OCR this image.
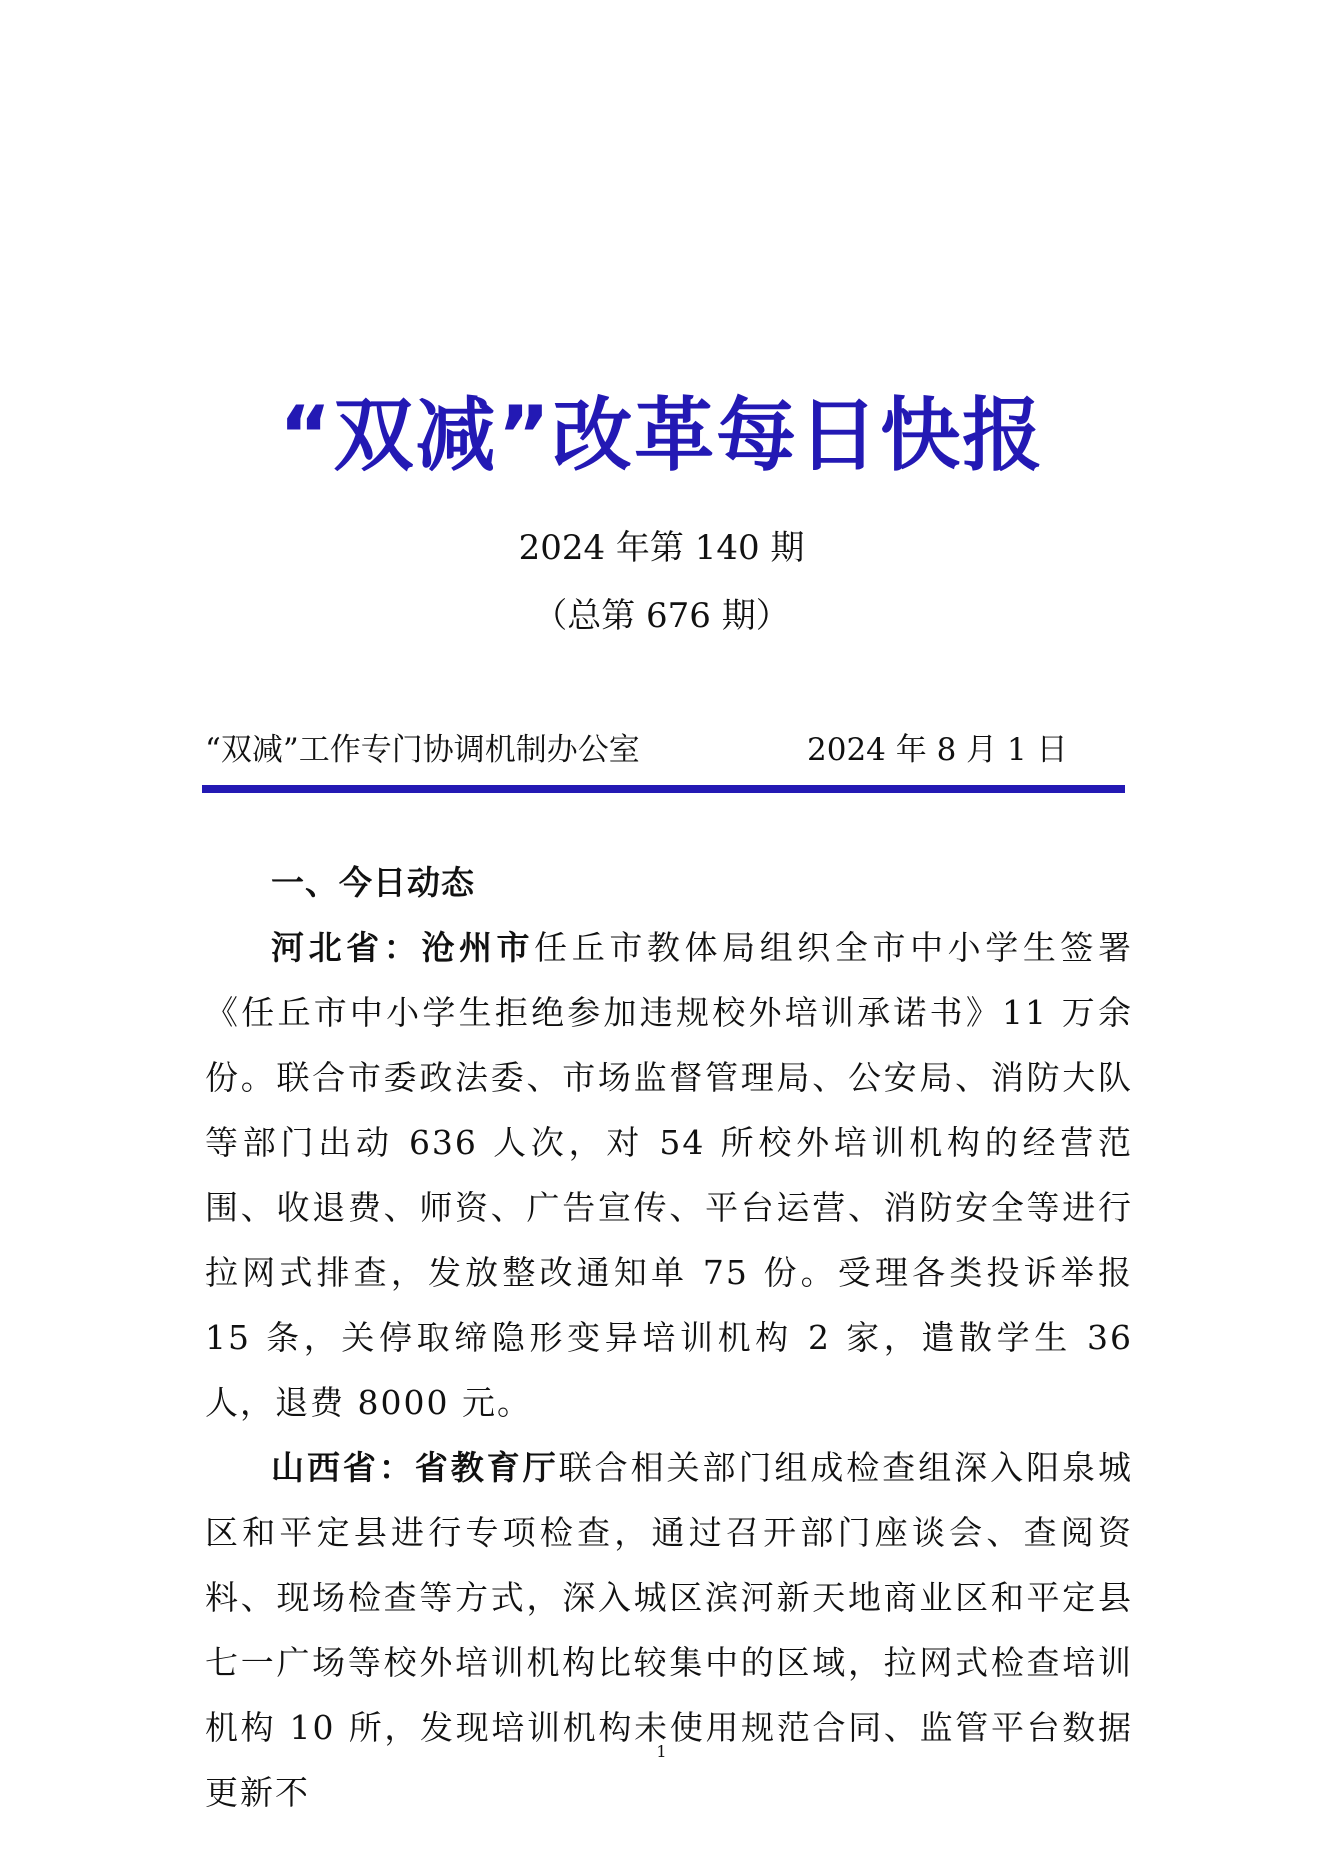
“双减”改革每日快报
2024 年第 140 期
（总第 676 期）
“双减”工作专门协调机制办公室	2024 年 8 月 1 日
一、今日动态

河北省：沧州市任丘市教体局组织全市中小学生签署《任丘市中小学生拒绝参加违规校外培训承诺书》11 万余份。联合市委政法委、市场监督管理局、公安局、消防大队等部门出动 636 人次，对 54 所校外培训机构的经营范围、收退费、师资、广告宣传、平台运营、消防安全等进行拉网式排查，发放整改通知单 75 份。受理各类投诉举报 15 条，关停取缔隐形变异培训机构 2 家，遣散学生 36 人，退费 8000 元。

山西省：省教育厅联合相关部门组成检查组深入阳泉城区和平定县进行专项检查，通过召开部门座谈会、查阅资料、现场检查等方式，深入城区滨河新天地商业区和平定县七一广场等校外培训机构比较集中的区域，拉网式检查培训机构 10 所，发现培训机构未使用规范合同、监管平台数据更新不

1
